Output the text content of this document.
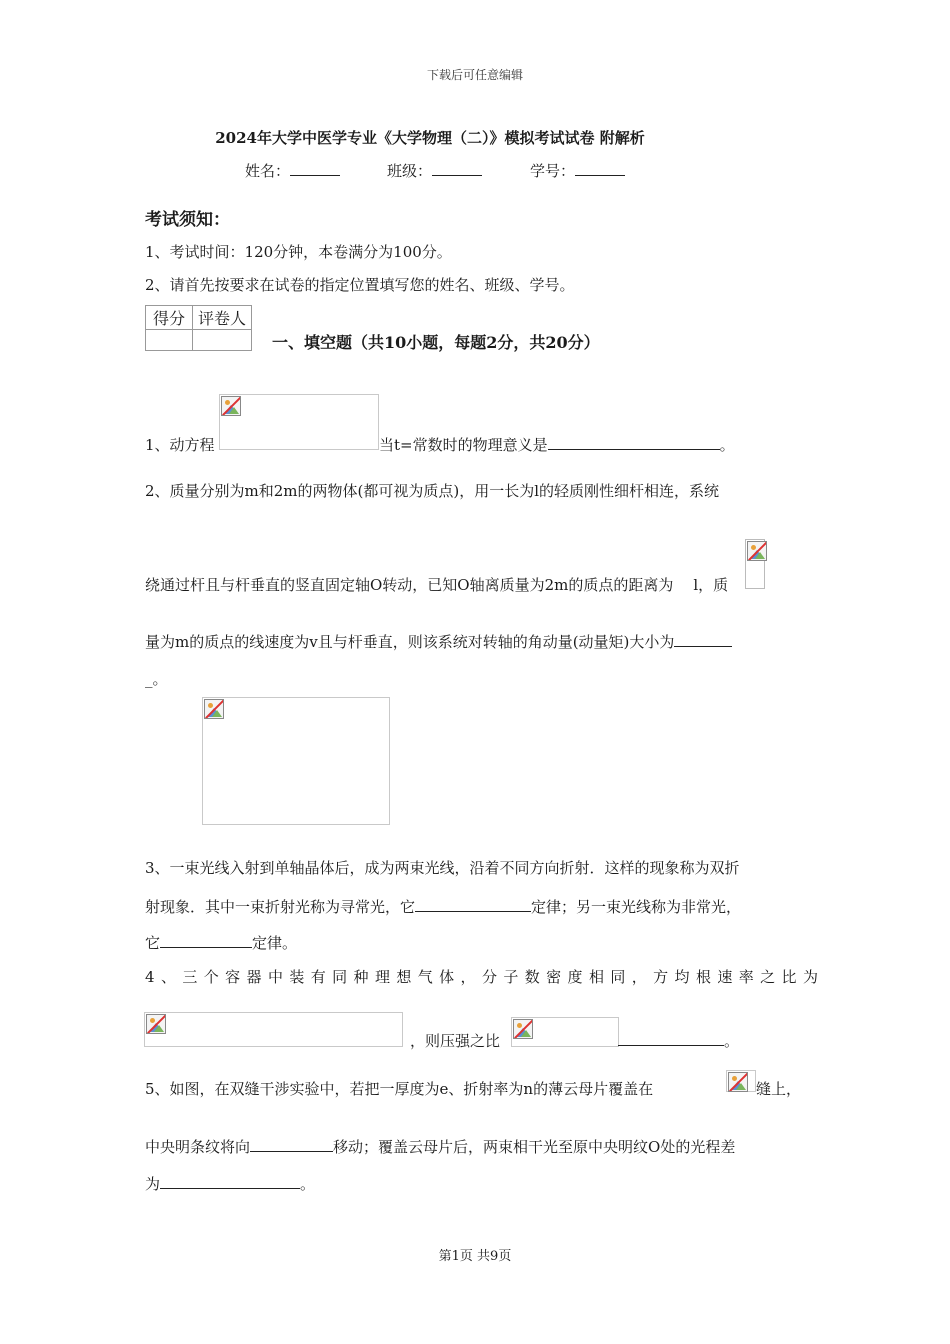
下载后可任意编辑
2024年大学中医学专业《大学物理（二）》模拟考试试卷 附解析
姓名：	班级：	学号：
考试须知：
1、考试时间：120分钟，本卷满分为100分。
2、请首先按要求在试卷的指定位置填写您的姓名、班级、学号。
得分	评卷人

一、填空题（共10小题，每题2分，共20分）
1、动方程	当t=常数时的物理意义是	。
2、质量分别为m和2m的两物体(都可视为质点)，用一长为l的轻质刚性细杆相连，系统
绕通过杆且与杆垂直的竖直固定轴O转动，已知O轴离质量为2m的质点的距离为 l，质
量为m的质点的线速度为v且与杆垂直，则该系统对转轴的角动量(动量矩)大小为
_。
3、一束光线入射到单轴晶体后，成为两束光线，沿着不同方向折射．这样的现象称为双折
射现象．其中一束折射光称为寻常光，它	定律；另一束光线称为非常光，
它	定律。
4、三个容器中装有同种理想气体，分子数密度相同，方均根速率之比为
，则压强之比	。
5、如图，在双缝干涉实验中，若把一厚度为e、折射率为n的薄云母片覆盖在	缝上，
中央明条纹将向	移动；覆盖云母片后，两束相干光至原中央明纹O处的光程差
为	。
第1页 共9页
